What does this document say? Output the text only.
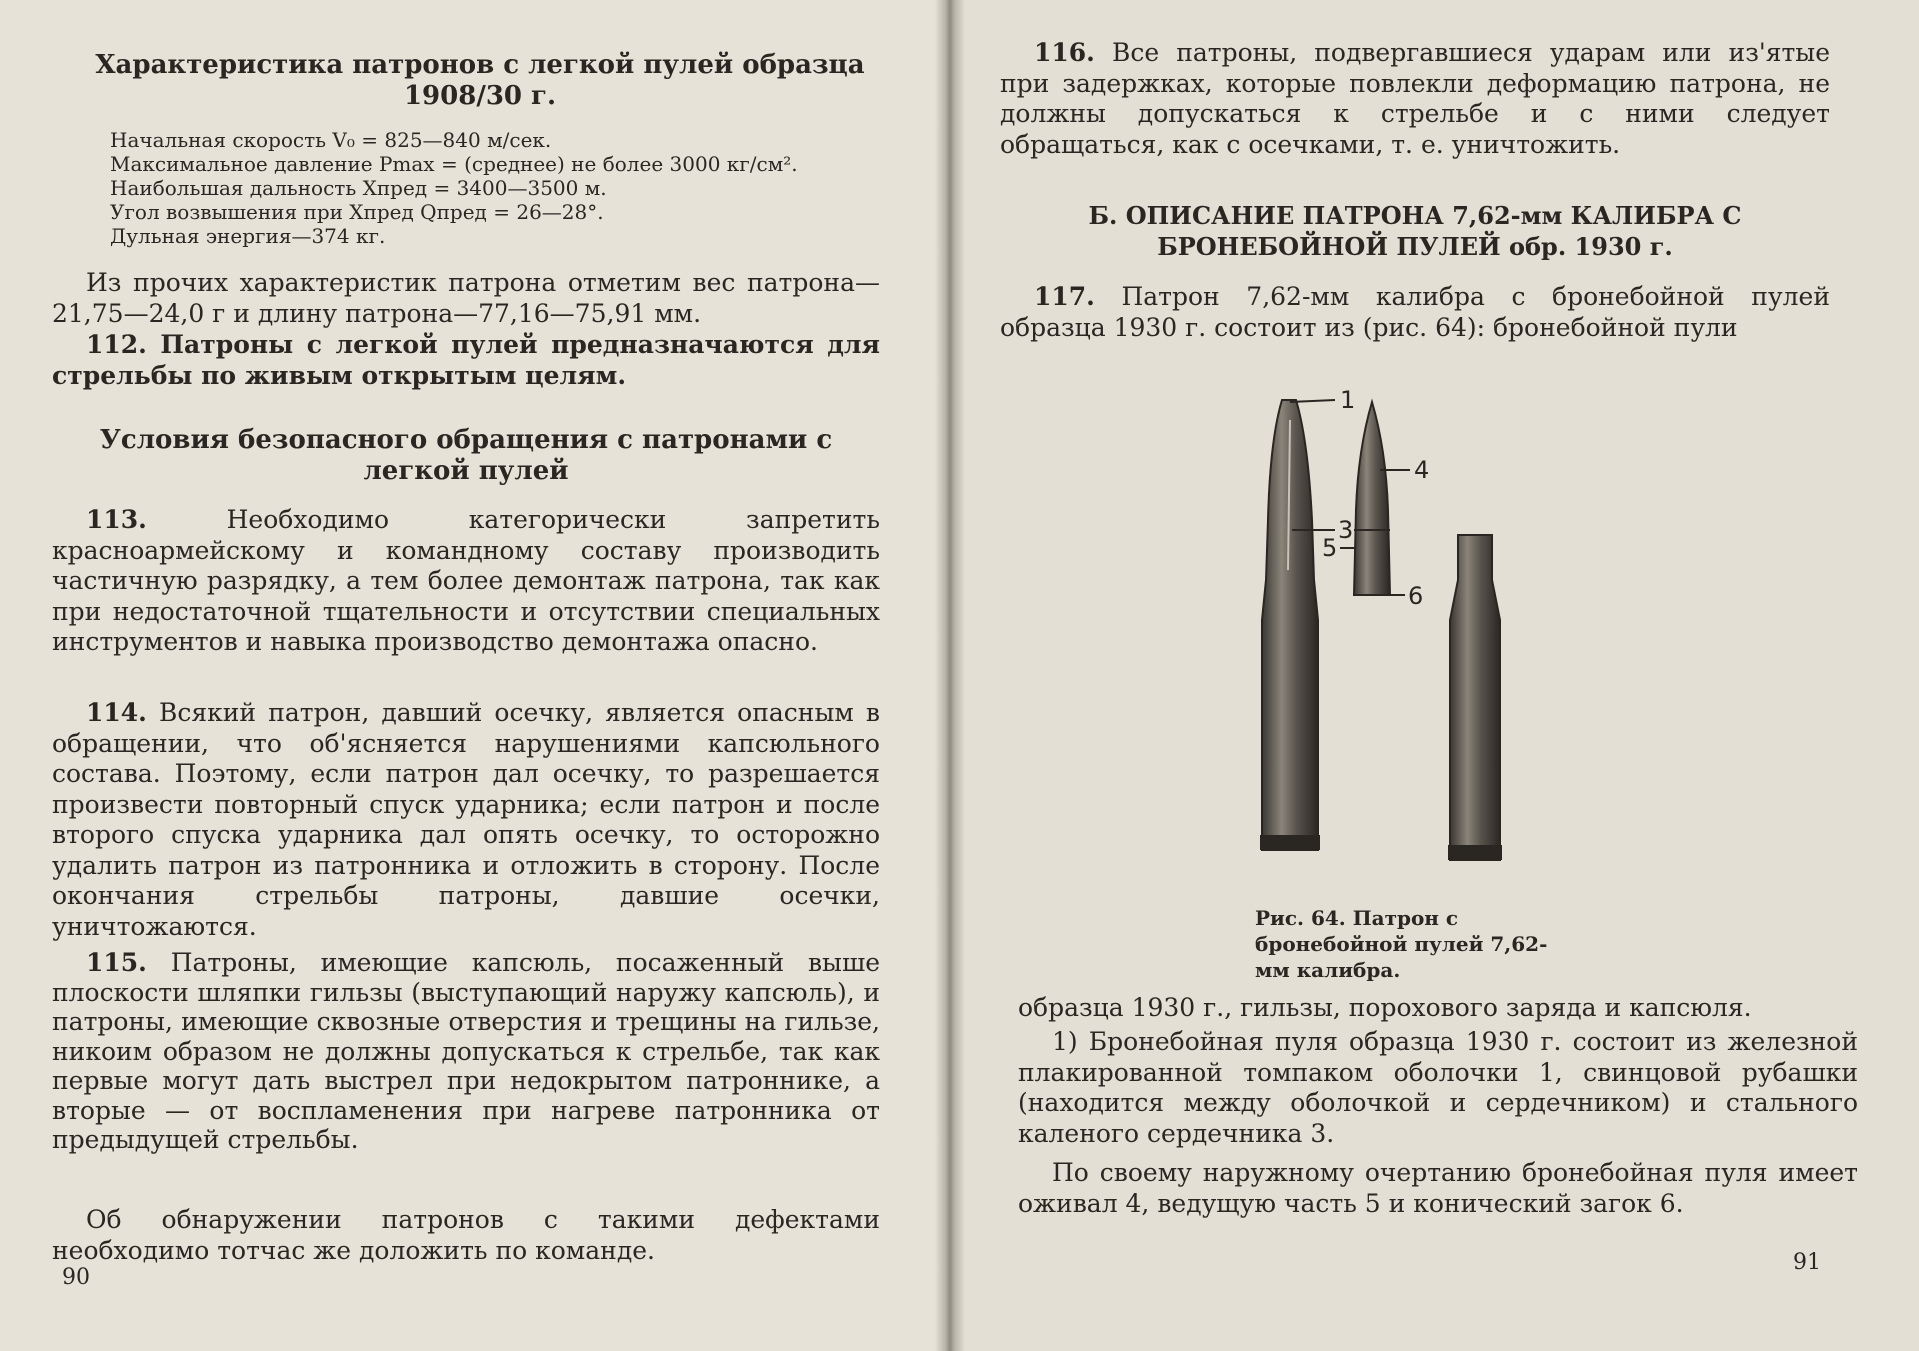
Характеристика патронов с легкой пулей образца 1908/30 г.
Начальная скорость V₀ = 825—840 м/сек.
Максимальное давление Pmax = (среднее) не более 3000 кг/см².
Наибольшая дальность Xпред = 3400—3500 м.
Угол возвышения при Xпред Qпред = 26—28°.
Дульная энергия—374 кг.
Из прочих характеристик патрона отметим вес патрона—21,75—24,0 г и длину патрона—77,16—75,91 мм.
112. Патроны с легкой пулей предназначаются для стрельбы по живым открытым целям.
Условия безопасного обращения с патронами с легкой пулей
113.	Необходимо категорически запретить красноармейскому и командному составу производить частичную разрядку, а тем более демонтаж патрона, так как при недостаточной тщательности и отсутствии специальных инструментов и навыка производство демонтажа опасно.
114. Всякий патрон, давший осечку, является опасным в обращении, что об'ясняется нарушениями капсюльного состава. Поэтому, если патрон дал осечку, то разрешается произвести повторный спуск ударника; если патрон и после второго спуска ударника дал опять осечку, то осторожно удалить патрон из патронника и отложить в сторону. После окончания стрельбы патроны, давшие осечки, уничтожаются.
115. Патроны, имеющие капсюль, посаженный выше плоскости шляпки гильзы (выступающий наружу капсюль), и патроны, имеющие сквозные отверстия и трещины на гильзе, никоим образом не должны допускаться к стрельбе, так как первые могут дать выстрел при недокрытом патроннике, а вторые — от воспламенения при нагреве патронника от предыдущей стрельбы.
Об обнаружении патронов с такими дефектами необходимо тотчас же доложить по команде.
90
116. Все патроны, подвергавшиеся ударам или из'ятые при задержках, которые повлекли деформацию патрона, не должны допускаться к стрельбе и с ними следует обращаться, как с осечками, т. е. уничтожить.
Б. ОПИСАНИЕ ПАТРОНА 7,62-мм КАЛИБРА С БРОНЕБОЙНОЙ ПУЛЕЙ обр. 1930 г.
117. Патрон 7,62-мм калибра с бронебойной пулей образца 1930 г. состоит из (рис. 64): бронебойной пули
1
3
4
5
6
Рис. 64. Патрон с бронебойной пулей 7,62-мм калибра.
образца 1930 г., гильзы, порохового заряда и капсюля.
1) Бронебойная пуля образца 1930 г. состоит из железной плакированной томпаком оболочки 1, свинцовой рубашки (находится между оболочкой и сердечником) и стального каленого сердечника 3.
По своему наружному очертанию бронебойная пуля имеет оживал 4, ведущую часть 5 и конический загок 6.
91
